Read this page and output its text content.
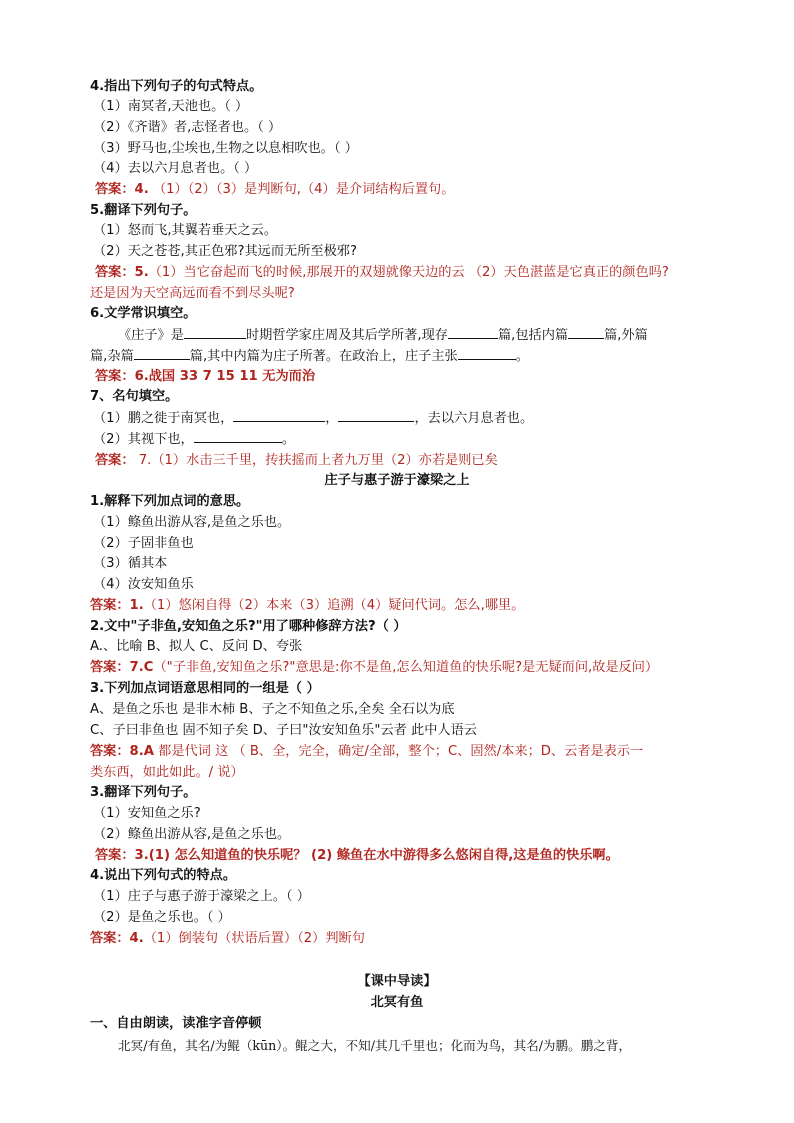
4.指出下列句子的句式特点。
（1）南冥者,天池也。（ ）
（2）《齐谐》者,志怪者也。（ ）
（3）野马也,尘埃也,生物之以息相吹也。（ ）
（4）去以六月息者也。（ ）
答案：4. （1）（2）（3）是判断句,（4）是介词结构后置句。
5.翻译下列句子。
（1）怒而飞,其翼若垂天之云。
（2）天之苍苍,其正色邪?其远而无所至极邪?
答案：5.（1）当它奋起而飞的时候,那展开的双翅就像天边的云 （2）天色湛蓝是它真正的颜色吗?
还是因为天空高远而看不到尽头呢?
6.文学常识填空。
《庄子》是	时期哲学家庄周及其后学所著,现存	篇,包括内篇	篇,外篇
篇,杂篇	篇,其中内篇为庄子所著。在政治上，庄子主张	。
答案：6.战国 33 7 15 11 无为而治
7、名句填空。
（1）鹏之徙于南冥也，	，	，去以六月息者也。
（2）其视下也，	。
答案： 7.（1）水击三千里，抟扶摇而上者九万里（2）亦若是则已矣
庄子与惠子游于濠梁之上
1.解释下列加点词的意思。
（1）鲦鱼出游从容,是鱼之乐也。
（2）子固非鱼也
（3）循其本
（4）汝安知鱼乐
答案：1.（1）悠闲自得（2）本来（3）追溯（4）疑问代词。怎么,哪里。
2.文中"子非鱼,安知鱼之乐?"用了哪种修辞方法?（ ）
A.、比喻 B、拟人 C、反问 D、夸张
答案：7.C（"子非鱼,安知鱼之乐?"意思是:你不是鱼,怎么知道鱼的快乐呢?是无疑而问,故是反问）
3.下列加点词语意思相同的一组是（ ）
A、是鱼之乐也 是非木柿 B、子之不知鱼之乐,全矣 全石以为底
C、子曰非鱼也 固不知子矣 D、子曰"汝安知鱼乐"云者 此中人语云
答案：8.A 都是代词 这 （ B、全，完全，确定/全部，整个；C、固然/本来；D、云者是表示一
类东西，如此如此。/ 说）
3.翻译下列句子。
（1）安知鱼之乐?
（2）鲦鱼出游从容,是鱼之乐也。
答案：3.(1) 怎么知道鱼的快乐呢？ (2) 鲦鱼在水中游得多么悠闲自得,这是鱼的快乐啊。
4.说出下列句式的特点。
（1）庄子与惠子游于濠梁之上。（ ）
（2）是鱼之乐也。（ ）
答案：4.（1）倒装句（状语后置）（2）判断句
【课中导读】
北冥有鱼
一、自由朗读，读准字音停顿
北冥/有鱼，其名/为鲲（kūn）。鲲之大，不知/其几千里也；化而为鸟，其名/为鹏。鹏之背，
